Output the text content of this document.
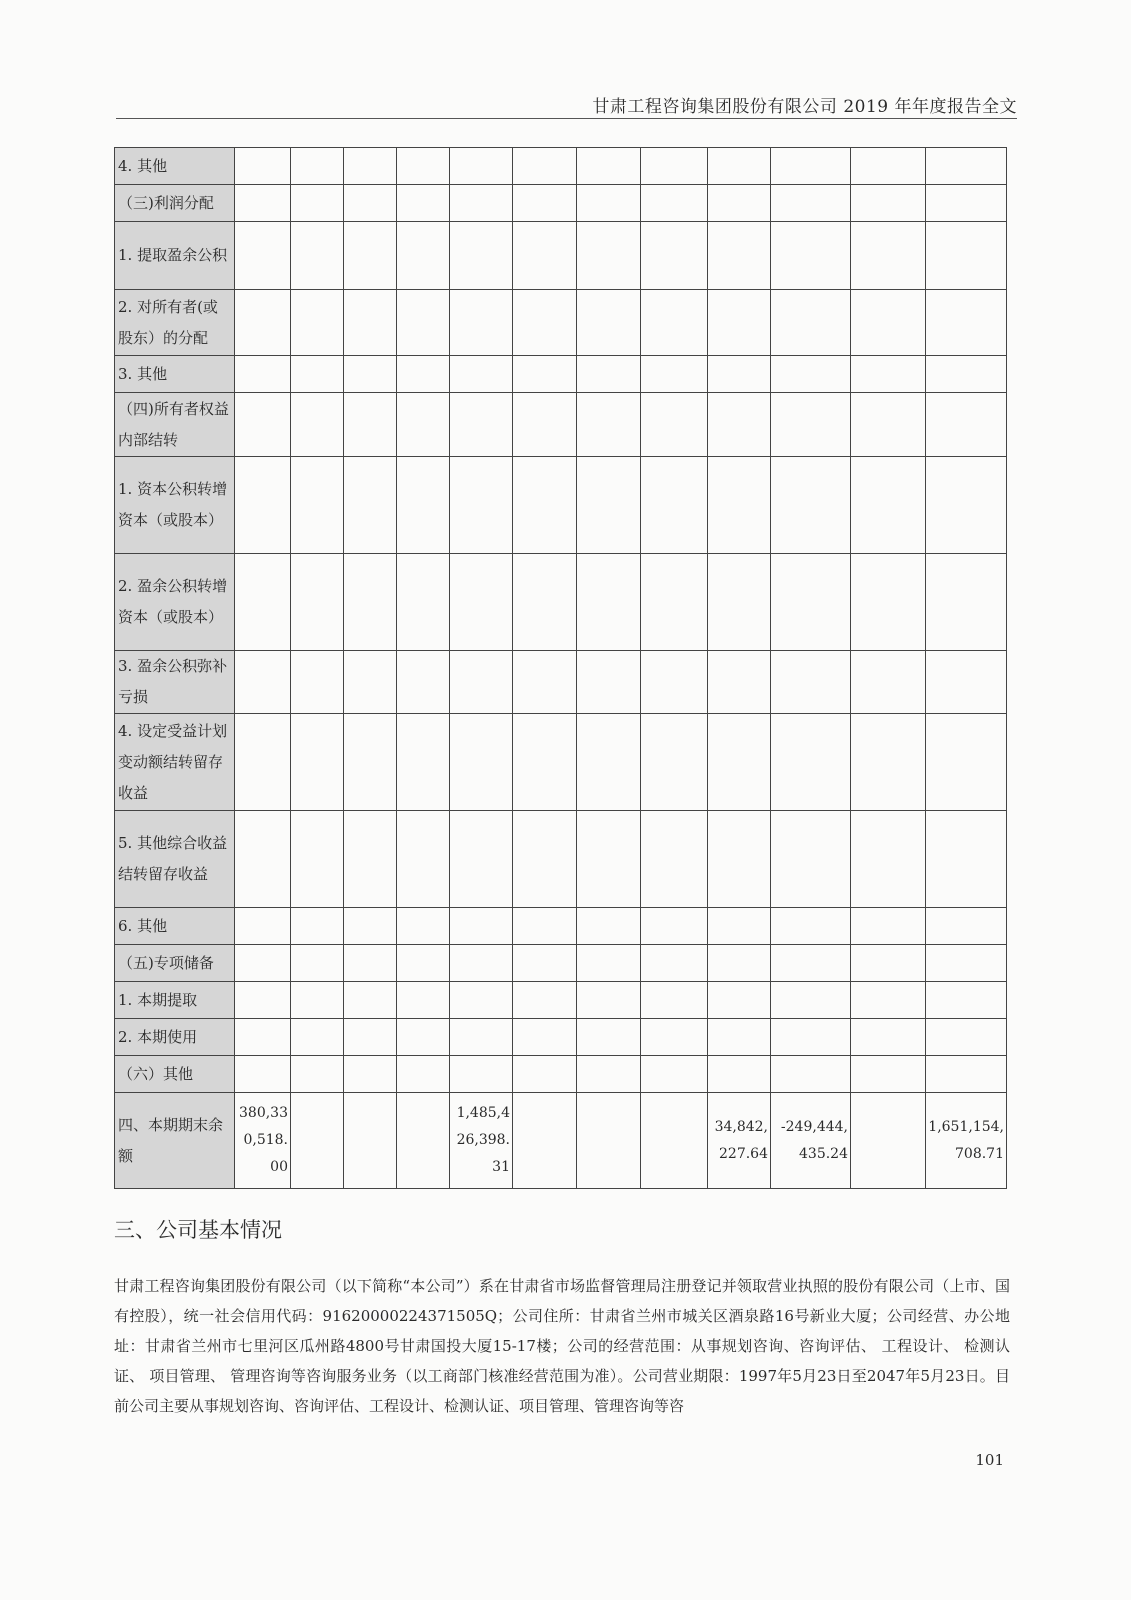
甘肃工程咨询集团股份有限公司 2019 年年度报告全文
4. 其他												
（三)利润分配												
1. 提取盈余公积												
2. 对所有者(或股东）的分配												
3. 其他												
（四)所有者权益内部结转												
1. 资本公积转增资本（或股本）												
2. 盈余公积转增资本（或股本）												
3. 盈余公积弥补亏损												
4. 设定受益计划变动额结转留存收益												
5. 其他综合收益结转留存收益												
6. 其他												
（五)专项储备												
1. 本期提取												
2. 本期使用												
（六）其他												
四、本期期末余额	380,330,518.00				1,485,426,398.31				34,842,227.64	-249,444,435.24		1,651,154,708.71
三、公司基本情况
甘肃工程咨询集团股份有限公司（以下简称“本公司”）系在甘肃省市场监督管理局注册登记并领取营业执照的股份有限公司（上市、国有控股），统一社会信用代码：91620000224371505Q；公司住所：甘肃省兰州市城关区酒泉路16号新业大厦；公司经营、办公地址：甘肃省兰州市七里河区瓜州路4800号甘肃国投大厦15-17楼；公司的经营范围：从事规划咨询、咨询评估、 工程设计、 检测认证、 项目管理、 管理咨询等咨询服务业务（以工商部门核准经营范围为准）。公司营业期限：1997年5月23日至2047年5月23日。目前公司主要从事规划咨询、咨询评估、工程设计、检测认证、项目管理、管理咨询等咨
101
